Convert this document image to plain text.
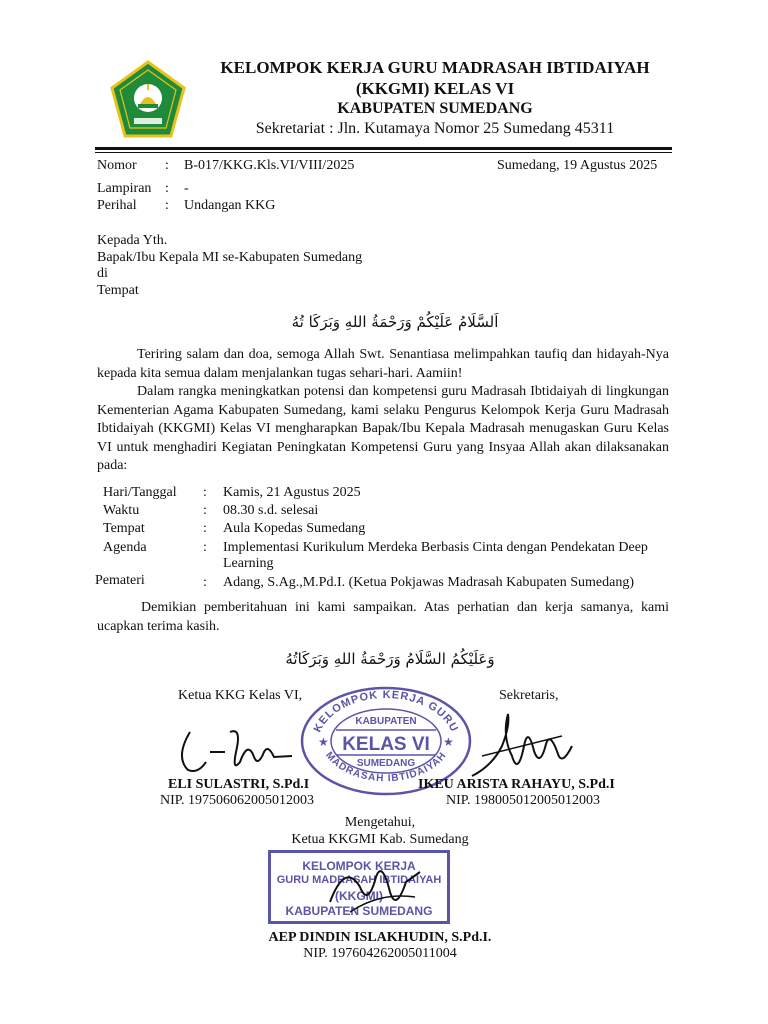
KELOMPOK KERJA GURU MADRASAH IBTIDAIYAH
(KKGMI) KELAS VI
KABUPATEN SUMEDANG
Sekretariat : Jln. Kutamaya Nomor 25 Sumedang 45311
Nomor : B-017/KKG.Kls.VI/VIII/2025	Sumedang, 19 Agustus 2025
Lampiran : -
Perihal : Undangan KKG
Kepada Yth.
Bapak/Ibu Kepala MI se-Kabupaten Sumedang
di
Tempat
اَلسَّلَامُ عَلَيْكُمْ وَرَحْمَةُ اللهِ وَبَرَكَا تُهُ
Teriring salam dan doa, semoga Allah Swt. Senantiasa melimpahkan taufiq dan hidayah-Nya kepada kita semua dalam menjalankan tugas sehari-hari. Aamiin!
Dalam rangka meningkatkan potensi dan kompetensi guru Madrasah Ibtidaiyah di lingkungan Kementerian Agama Kabupaten Sumedang, kami selaku Pengurus Kelompok Kerja Guru Madrasah Ibtidaiyah (KKGMI) Kelas VI mengharapkan Bapak/Ibu Kepala Madrasah menugaskan Guru Kelas VI untuk menghadiri Kegiatan Peningkatan Kompetensi Guru yang Insyaa Allah akan dilaksanakan pada:
Hari/Tanggal : Kamis, 21 Agustus 2025
Waktu	: 08.30 s.d. selesai
Tempat	: Aula Kopedas Sumedang
Agenda	: Implementasi Kurikulum Merdeka Berbasis Cinta dengan Pendekatan Deep
Learning
Pemateri	: Adang, S.Ag.,M.Pd.I. (Ketua Pokjawas Madrasah Kabupaten Sumedang)
Demikian pemberitahuan ini kami sampaikan. Atas perhatian dan kerja samanya, kami ucapkan terima kasih.
وَعَلَيْكُمُ السَّلَامُ وَرَحْمَةُ اللهِ وَبَرَكَاتُهُ
Ketua KKG Kelas VI,	Sekretaris,
KELOMPOK KERJA GURU
MADRASAH IBTIDAIYAH
KABUPATEN
KELAS VI
SUMEDANG
★	★
ELI SULASTRI, S.Pd.I
NIP. 197506062005012003
IKEU ARISTA RAHAYU, S.Pd.I
NIP. 198005012005012003
Mengetahui,
Ketua KKGMI Kab. Sumedang
KELOMPOK KERJA
GURU MADRASAH IBTIDAIYAH
(KKGMI)
KABUPATEN SUMEDANG
AEP DINDIN ISLAKHUDIN, S.Pd.I.
NIP. 197604262005011004
